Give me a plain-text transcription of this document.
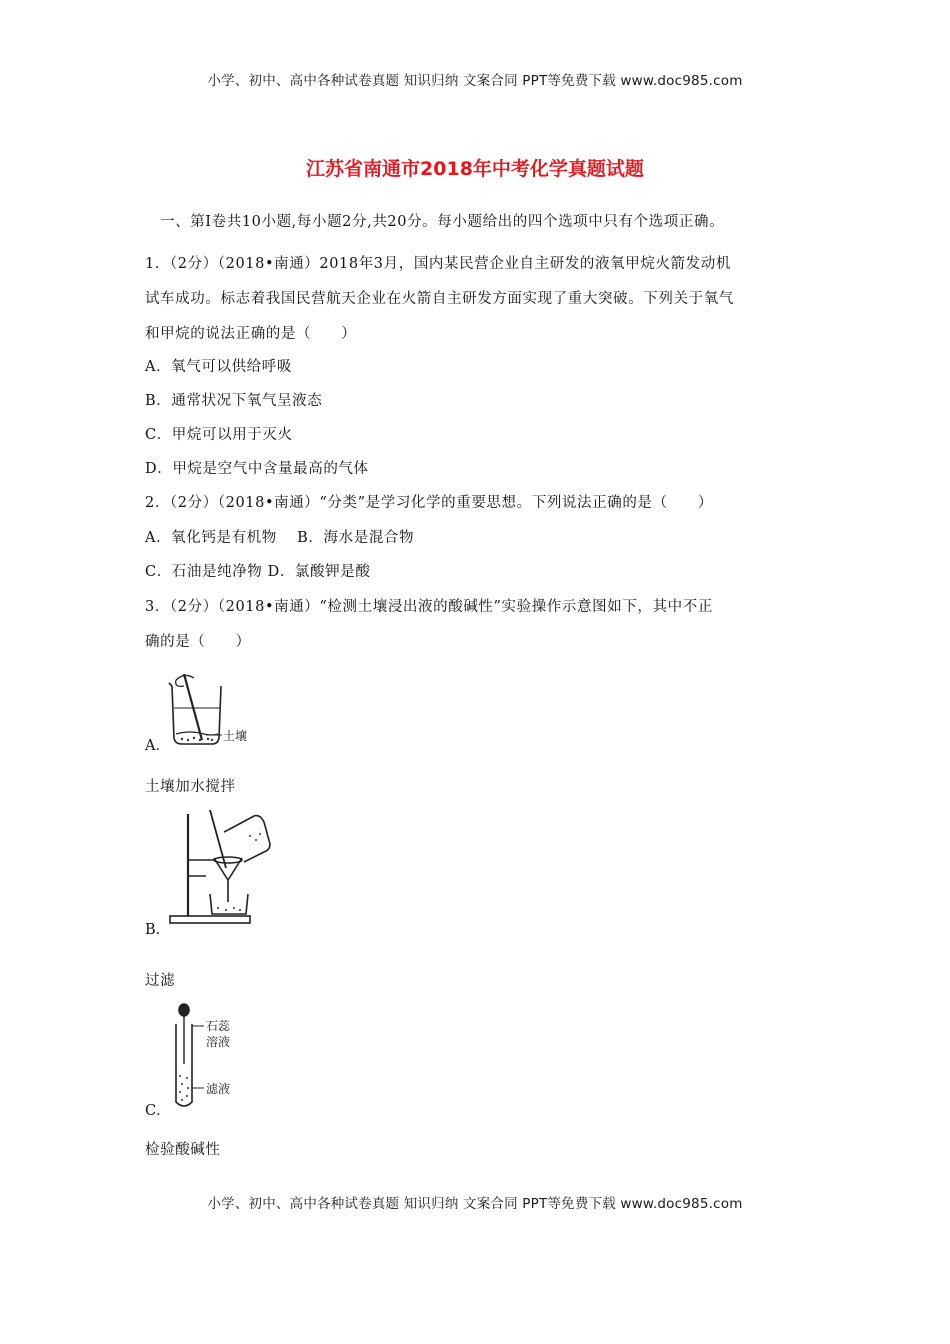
小学、初中、高中各种试卷真题 知识归纳 文案合同 PPT等免费下载 www.doc985.com
江苏省南通市2018年中考化学真题试题
一、第Ⅰ卷共10小题,每小题2分,共20分。每小题给出的四个选项中只有个选项正确。
1．（2分）（2018•南通）2018年3月，国内某民营企业自主研发的液氧甲烷火箭发动机
试车成功。标志着我国民营航天企业在火箭自主研发方面实现了重大突破。下列关于氧气
和甲烷的说法正确的是（　　）
A．氧气可以供给呼吸
B．通常状况下氧气呈液态
C．甲烷可以用于灭火
D．甲烷是空气中含量最高的气体
2．（2分）（2018•南通）“分类”是学习化学的重要思想。下列说法正确的是（　　）
A．氧化钙是有机物　 B．海水是混合物
C．石油是纯净物 D．氯酸钾是酸
3．（2分）（2018•南通）“检测土壤浸出液的酸碱性”实验操作示意图如下，其中不正
确的是（　　）
土壤
A．
土壤加水搅拌
B．
过滤
石蕊
溶液
滤液
C．
检验酸碱性
小学、初中、高中各种试卷真题 知识归纳 文案合同 PPT等免费下载 www.doc985.com
